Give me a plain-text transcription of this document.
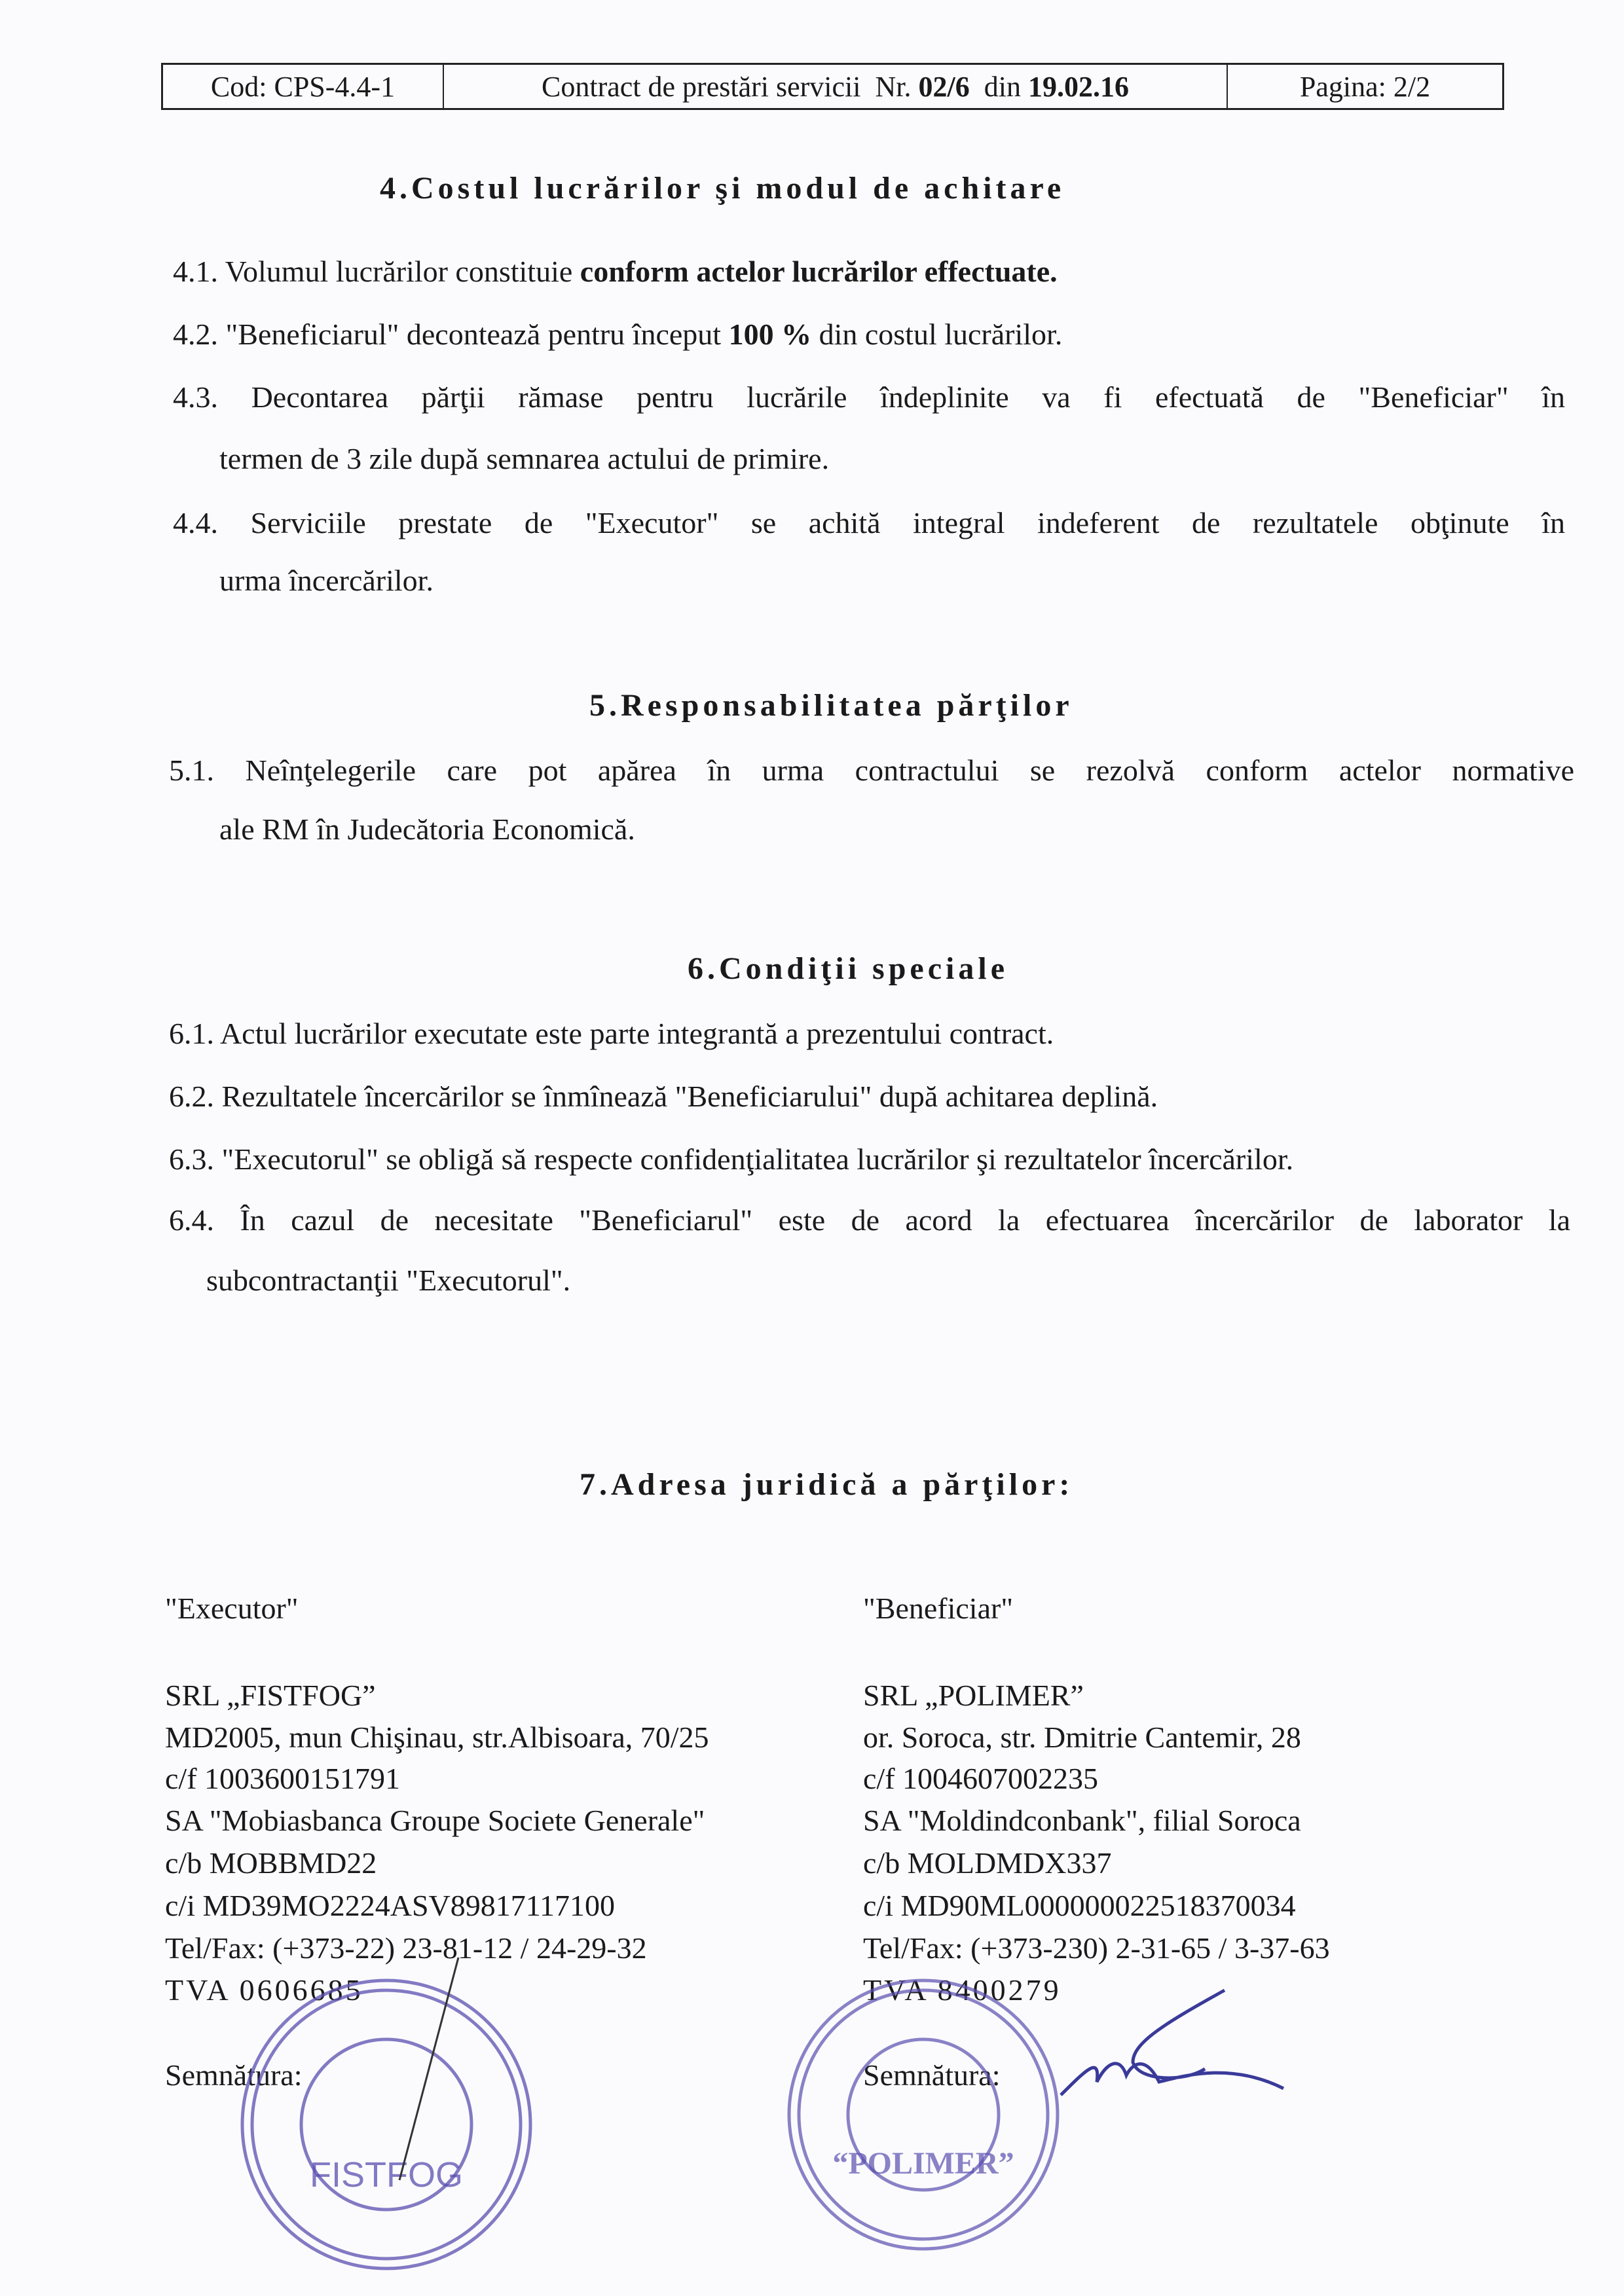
Cod: CPS-4.4-1	Contract de prestări servicii  Nr. 02/6 din 19.02.16	Pagina: 2/2
4.Costul lucrărilor şi modul de achitare
4.1. Volumul lucrărilor constituie conform actelor lucrărilor effectuate.
4.2. "Beneficiarul" decontează pentru început 100 % din costul lucrărilor.
4.3. Decontarea părţii rămase pentru lucrările îndeplinite va fi efectuată de "Beneficiar" în
termen de 3 zile după semnarea actului de primire.
4.4. Serviciile prestate de "Executor" se achită integral indeferent de rezultatele obţinute în
urma încercărilor.
5.Responsabilitatea părţilor
5.1. Neînţelegerile care pot apărea în urma contractului se rezolvă conform actelor normative
ale RM în Judecătoria Economică.
6.Condiţii speciale
6.1. Actul lucrărilor executate este parte integrantă a prezentului contract.
6.2. Rezultatele încercărilor se înmînează "Beneficiarului" după achitarea deplină.
6.3. "Executorul" se obligă să respecte confidenţialitatea lucrărilor şi rezultatelor încercărilor.
6.4. În cazul de necesitate "Beneficiarul" este de acord la efectuarea încercărilor de laborator la
subcontractanţii "Executorul".
7.Adresa juridică a părţilor:
"Executor"	"Beneficiar"
SRL „FISTFOG”
MD2005, mun Chişinau, str.Albisoara, 70/25
c/f 1003600151791
SA "Mobiasbanca Groupe Societe Generale"
c/b MOBBMD22
c/i MD39MO2224ASV89817117100
Tel/Fax: (+373-22) 23-81-12 / 24-29-32
TVA 0606685
Semnătura:
SRL „POLIMER”
or. Soroca, str. Dmitrie Cantemir, 28
c/f 1004607002235
SA "Moldindconbank", filial Soroca
c/b MOLDMDX337
c/i MD90ML000000022518370034
Tel/Fax: (+373-230) 2-31-65 / 3-37-63
TVA 8400279
Semnătura:
FISTFOG	“POLIMER”
